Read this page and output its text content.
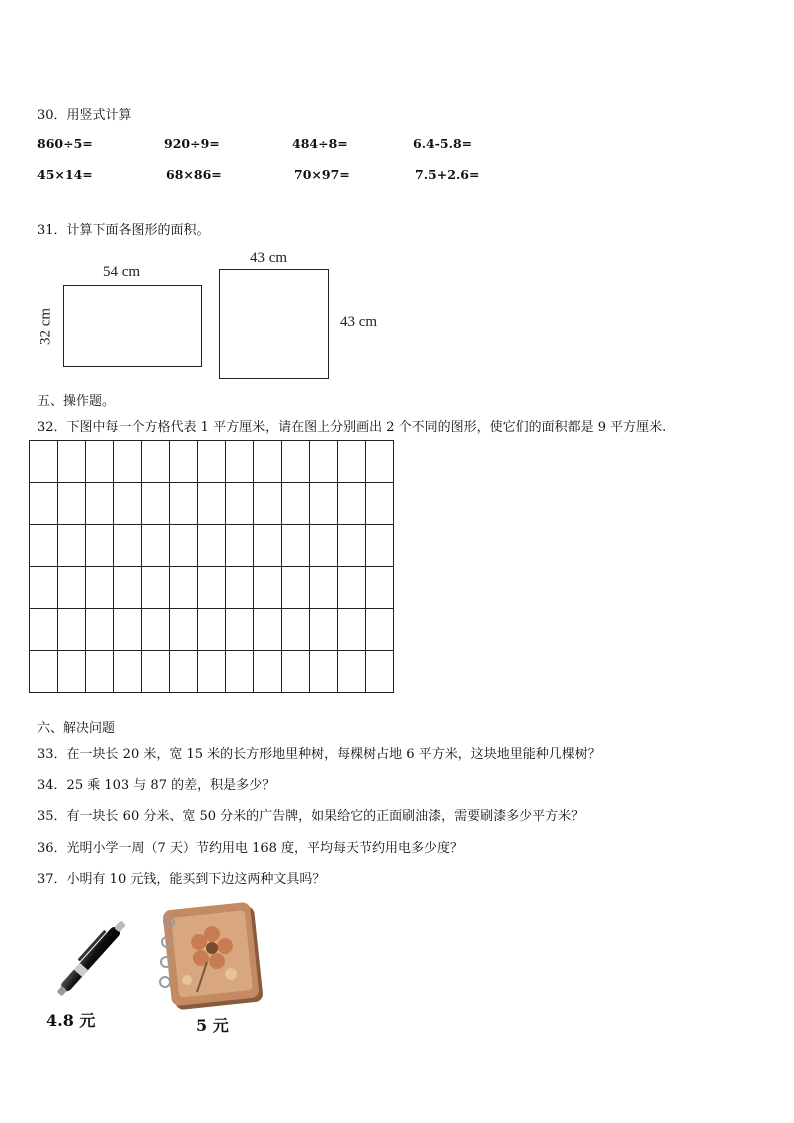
30．用竖式计算
860÷5=	920÷9=	484÷8=	6.4-5.8=
45×14=	68×86=	70×97=	7.5+2.6=
31．计算下面各图形的面积。
54 cm
32 cm
43 cm
43 cm
五、操作题。
32．下图中每一个方格代表 1 平方厘米，请在图上分别画出 2 个不同的图形，使它们的面积都是 9 平方厘米.

六、解决问题
33．在一块长 20 米，宽 15 米的长方形地里种树，每棵树占地 6 平方米，这块地里能种几棵树？
34．25 乘 103 与 87 的差，积是多少？
35．有一块长 60 分米、宽 50 分米的广告牌，如果给它的正面刷油漆，需要刷漆多少平方米？
36．光明小学一周（7 天）节约用电 168 度，平均每天节约用电多少度？
37．小明有 10 元钱，能买到下边这两种文具吗？
4.8 元	5 元
